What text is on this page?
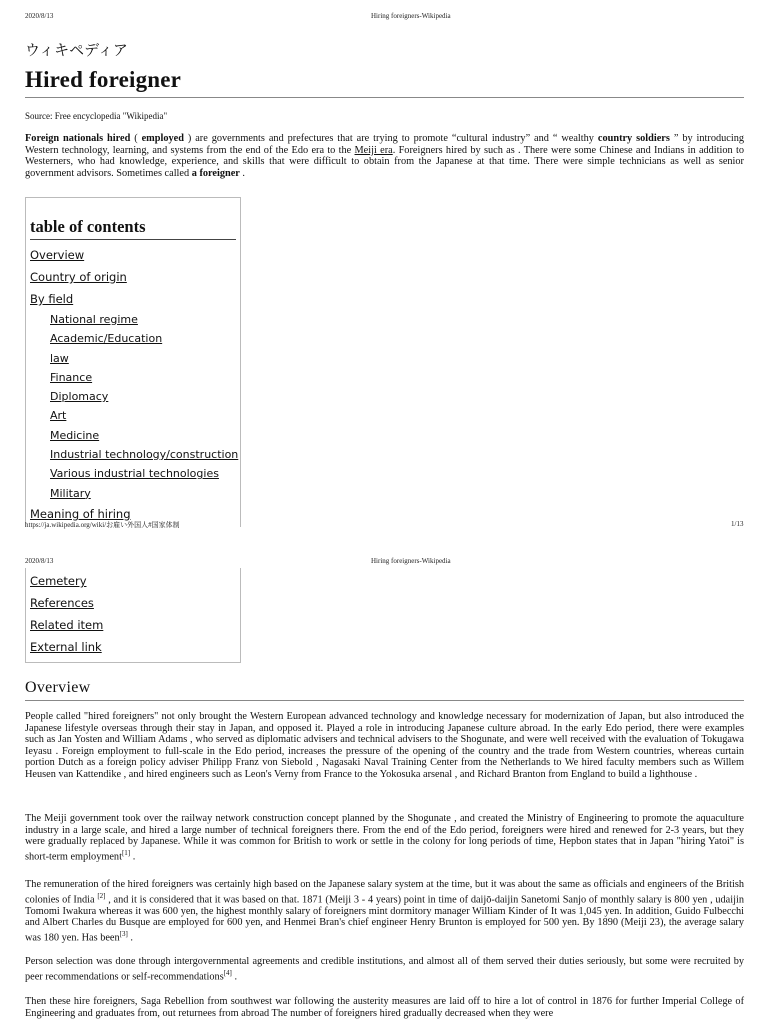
2020/8/13	Hiring foreigners-Wikipedia
ウィキペディア
Hired foreigner
Source: Free encyclopedia "Wikipedia"
Foreign nationals hired ( employed ) are governments and prefectures that are trying to promote “cultural industry” and “ wealthy country soldiers ” by introducing Western technology, learning, and systems from the end of the Edo era to the Meiji era. Foreigners hired by such as . There were some Chinese and Indians in addition to Westerners, who had knowledge, experience, and skills that were difficult to obtain from the Japanese at that time. There were simple technicians as well as senior government advisors. Sometimes called a foreigner .
table of contents
Overview
Country of origin
By field
National regime
Academic/Education
law
Finance
Diplomacy
Art
Medicine
Industrial technology/construction
Various industrial technologies
Military
Meaning of hiring
https://ja.wikipedia.org/wiki/お雇い外国人#国家体制	1/13
2020/8/13	Hiring foreigners-Wikipedia
Cemetery
References
Related item
External link
Overview
People called "hired foreigners" not only brought the Western European advanced technology and knowledge necessary for modernization of Japan, but also introduced the Japanese lifestyle overseas through their stay in Japan, and opposed it. Played a role in introducing Japanese culture abroad. In the early Edo period, there were examples such as Jan Yosten and William Adams , who served as diplomatic advisers and technical advisers to the Shogunate, and were well received with the evaluation of Tokugawa Ieyasu . Foreign employment to full-scale in the Edo period, increases the pressure of the opening of the country and the trade from Western countries, whereas curtain portion Dutch as a foreign policy adviser Philipp Franz von Siebold , Nagasaki Naval Training Center from the Netherlands to We hired faculty members such as Willem Heusen van Kattendike , and hired engineers such as Leon's Verny from France to the Yokosuka arsenal , and Richard Branton from England to build a lighthouse .
The Meiji government took over the railway network construction concept planned by the Shogunate , and created the Ministry of Engineering to promote the aquaculture industry in a large scale, and hired a large number of technical foreigners there. From the end of the Edo period, foreigners were hired and renewed for 2-3 years, but they were gradually replaced by Japanese. While it was common for British to work or settle in the colony for long periods of time, Hepbon states that in Japan "hiring Yatoi" is short-term employment[1] .
The remuneration of the hired foreigners was certainly high based on the Japanese salary system at the time, but it was about the same as officials and engineers of the British colonies of India [2] , and it is considered that it was based on that. 1871 (Meiji 3 - 4 years) point in time of daijō-daijin Sanetomi Sanjo of monthly salary is 800 yen , udaijin Tomomi Iwakura whereas it was 600 yen, the highest monthly salary of foreigners mint dormitory manager William Kinder of It was 1,045 yen. In addition, Guido Fulbecchi and Albert Charles du Busque are employed for 600 yen, and Henmei Bran's chief engineer Henry Brunton is employed for 500 yen. By 1890 (Meiji 23), the average salary was 180 yen. Has been[3] .
Person selection was done through intergovernmental agreements and credible institutions, and almost all of them served their duties seriously, but some were recruited by peer recommendations or self-recommendations[4] .
Then these hire foreigners, Saga Rebellion from southwest war following the austerity measures are laid off to hire a lot of control in 1876 for further Imperial College of Engineering and graduates from, out returnees from abroad The number of foreigners hired gradually decreased when they were
